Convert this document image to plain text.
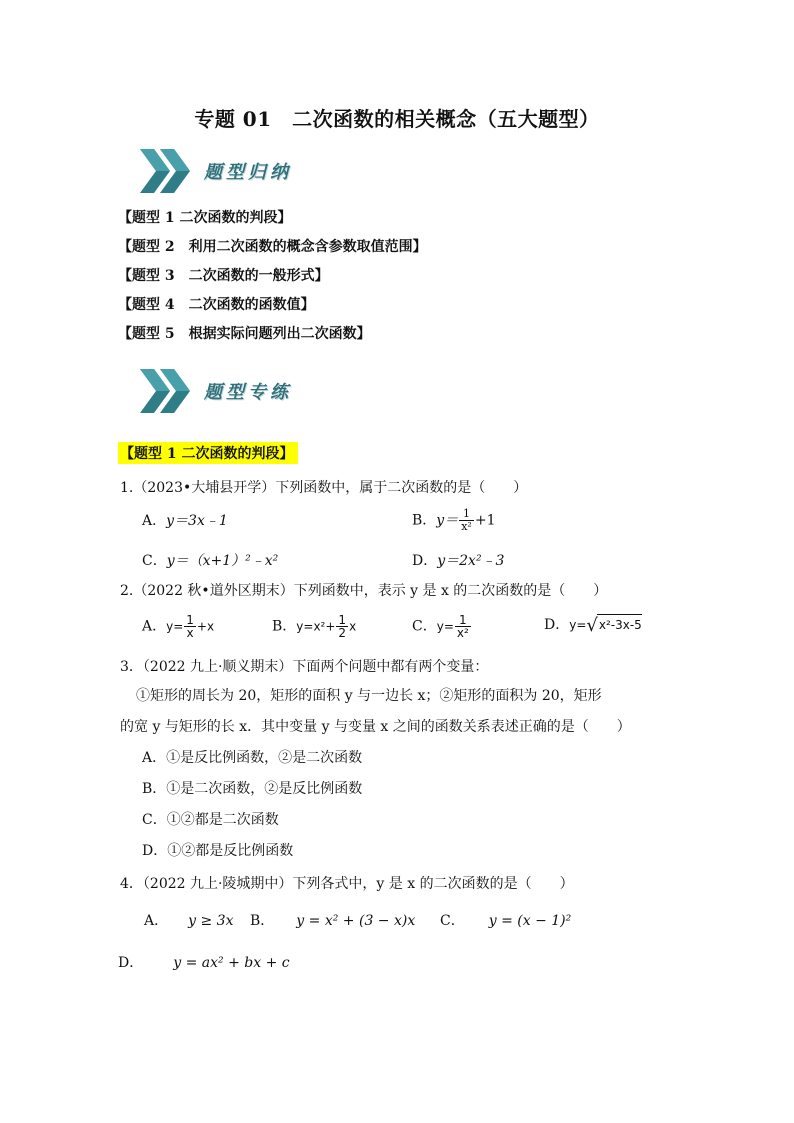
专题 01　二次函数的相关概念（五大题型）
题型归纳
【题型 1 二次函数的判段】
【题型 2　利用二次函数的概念含参数取值范围】
【题型 3　二次函数的一般形式】
【题型 4　二次函数的函数值】
【题型 5　根据实际问题列出二次函数】
题型专练
【题型 1 二次函数的判段】
1.（2023•大埔县开学）下列函数中，属于二次函数的是（　　）
A．y＝3x﹣1	B．$y= \frac{1}{\text{x²}} +1$
C．y＝（x+1）²﹣x²	D．y＝2x²﹣3
2.（2022 秋•道外区期末）下列函数中，表示 y 是 x 的二次函数的是（　　）
A．$y= \frac{1}{x} +x$	B．$y=x^2+ \frac{1}{2}$ x	C．$y= \frac{1}{\text{x²}}$	D．y=√x²-3x-5
3．（2022 九上·顺义期末）下面两个问题中都有两个变量：
①矩形的周长为 20，矩形的面积 y 与一边长 x；②矩形的面积为 20，矩形
的宽 y 与矩形的长 x．其中变量 y 与变量 x 之间的函数关系表述正确的是（　　）
A．①是反比例函数，②是二次函数
B．①是二次函数，②是反比例函数
C．①②都是二次函数
D．①②都是反比例函数
4．（2022 九上·陵城期中）下列各式中，y 是 x 的二次函数的是（　　）
A． y ≥ 3x B． y = x² + (3 − x)x C． y = (x − 1)²
D． y = ax² + bx + c
